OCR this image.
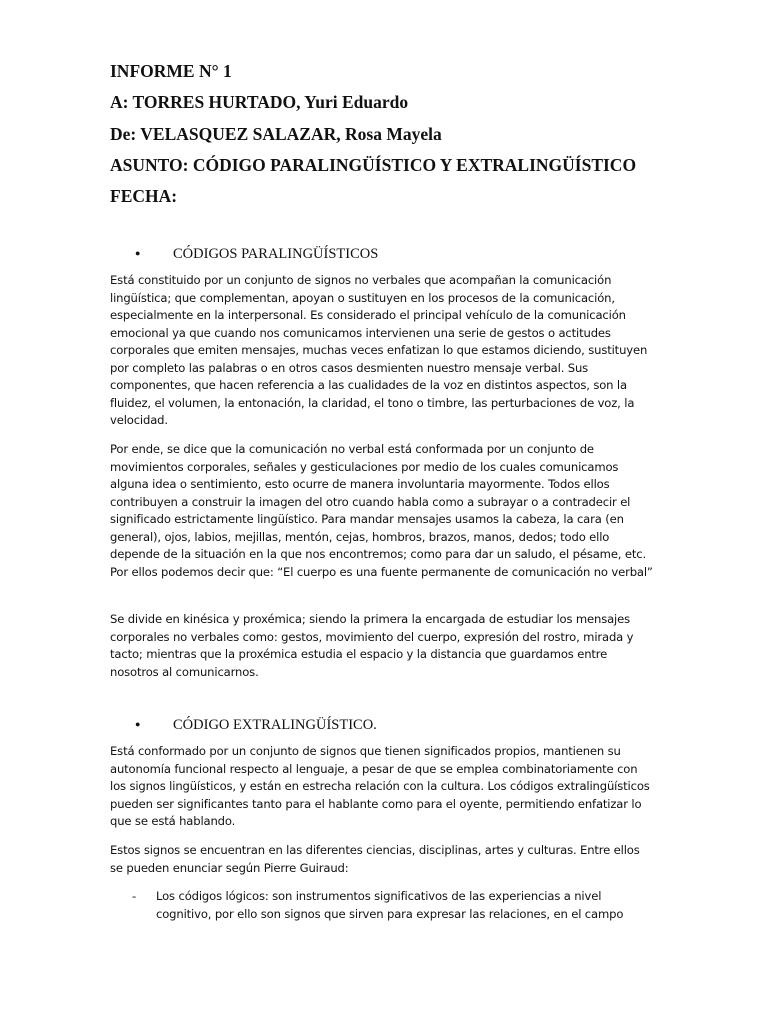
INFORME N° 1
A: TORRES HURTADO, Yuri Eduardo
De: VELASQUEZ SALAZAR, Rosa Mayela
ASUNTO: CÓDIGO PARALINGÜÍSTICO Y EXTRALINGÜÍSTICO
FECHA:
● CÓDIGOS PARALINGÜÍSTICOS

Está constituido por un conjunto de signos no verbales que acompañan la comunicación lingüística; que complementan, apoyan o sustituyen en los procesos de la comunicación, especialmente en la interpersonal. Es considerado el principal vehículo de la comunicación emocional ya que cuando nos comunicamos intervienen una serie de gestos o actitudes corporales que emiten mensajes, muchas veces enfatizan lo que estamos diciendo, sustituyen por completo las palabras o en otros casos desmienten nuestro mensaje verbal. Sus componentes, que hacen referencia a las cualidades de la voz en distintos aspectos, son la fluidez, el volumen, la entonación, la claridad, el tono o timbre, las perturbaciones de voz, la velocidad.

Por ende, se dice que la comunicación no verbal está conformada por un conjunto de movimientos corporales, señales y gesticulaciones por medio de los cuales comunicamos alguna idea o sentimiento, esto ocurre de manera involuntaria mayormente. Todos ellos contribuyen a construir la imagen del otro cuando habla como a subrayar o a contradecir el significado estrictamente lingüístico. Para mandar mensajes usamos la cabeza, la cara (en general), ojos, labios, mejillas, mentón, cejas, hombros, brazos, manos, dedos; todo ello depende de la situación en la que nos encontremos; como para dar un saludo, el pésame, etc. Por ellos podemos decir que: “El cuerpo es una fuente permanente de comunicación no verbal”

Se divide en kinésica y proxémica; siendo la primera la encargada de estudiar los mensajes corporales no verbales como: gestos, movimiento del cuerpo, expresión del rostro, mirada y tacto; mientras que la proxémica estudia el espacio y la distancia que guardamos entre nosotros al comunicarnos.

● CÓDIGO EXTRALINGÜÍSTICO.

Está conformado por un conjunto de signos que tienen significados propios, mantienen su autonomía funcional respecto al lenguaje, a pesar de que se emplea combinatoriamente con los signos lingüísticos, y están en estrecha relación con la cultura. Los códigos extralingüísticos pueden ser significantes tanto para el hablante como para el oyente, permitiendo enfatizar lo que se está hablando.

Estos signos se encuentran en las diferentes ciencias, disciplinas, artes y culturas. Entre ellos se pueden enunciar según Pierre Guiraud:

- Los códigos lógicos: son instrumentos significativos de las experiencias a nivel cognitivo, por ello son signos que sirven para expresar las relaciones, en el campo
